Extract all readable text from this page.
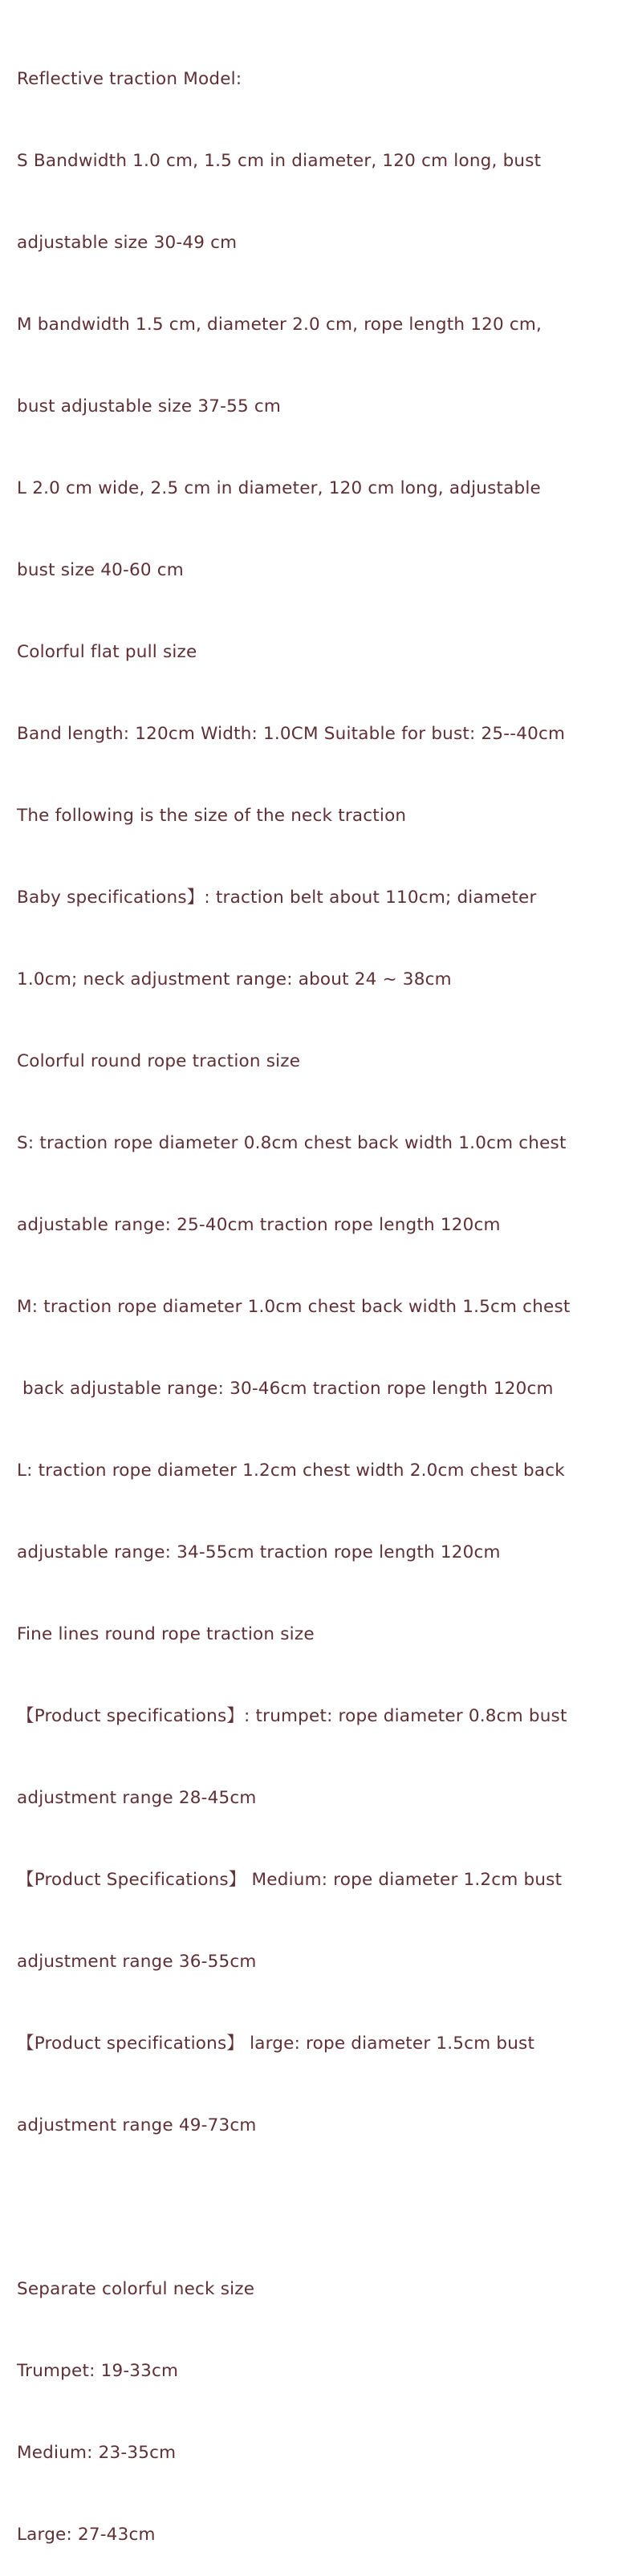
Reflective traction Model:

S Bandwidth 1.0 cm, 1.5 cm in diameter, 120 cm long, bust

adjustable size 30-49 cm

M bandwidth 1.5 cm, diameter 2.0 cm, rope length 120 cm,

bust adjustable size 37-55 cm

L 2.0 cm wide, 2.5 cm in diameter, 120 cm long, adjustable

bust size 40-60 cm

Colorful flat pull size

Band length: 120cm Width: 1.0CM Suitable for bust: 25--40cm

The following is the size of the neck traction

Baby specifications】: traction belt about 110cm; diameter

1.0cm; neck adjustment range: about 24 ~ 38cm

Colorful round rope traction size

S: traction rope diameter 0.8cm chest back width 1.0cm chest

adjustable range: 25-40cm traction rope length 120cm

M: traction rope diameter 1.0cm chest back width 1.5cm chest

back adjustable range: 30-46cm traction rope length 120cm

L: traction rope diameter 1.2cm chest width 2.0cm chest back

adjustable range: 34-55cm traction rope length 120cm

Fine lines round rope traction size

【Product specifications】: trumpet: rope diameter 0.8cm bust

adjustment range 28-45cm

【Product Specifications】 Medium: rope diameter 1.2cm bust

adjustment range 36-55cm

【Product specifications】 large: rope diameter 1.5cm bust

adjustment range 49-73cm

Separate colorful neck size

Trumpet: 19-33cm

Medium: 23-35cm

Large: 27-43cm
